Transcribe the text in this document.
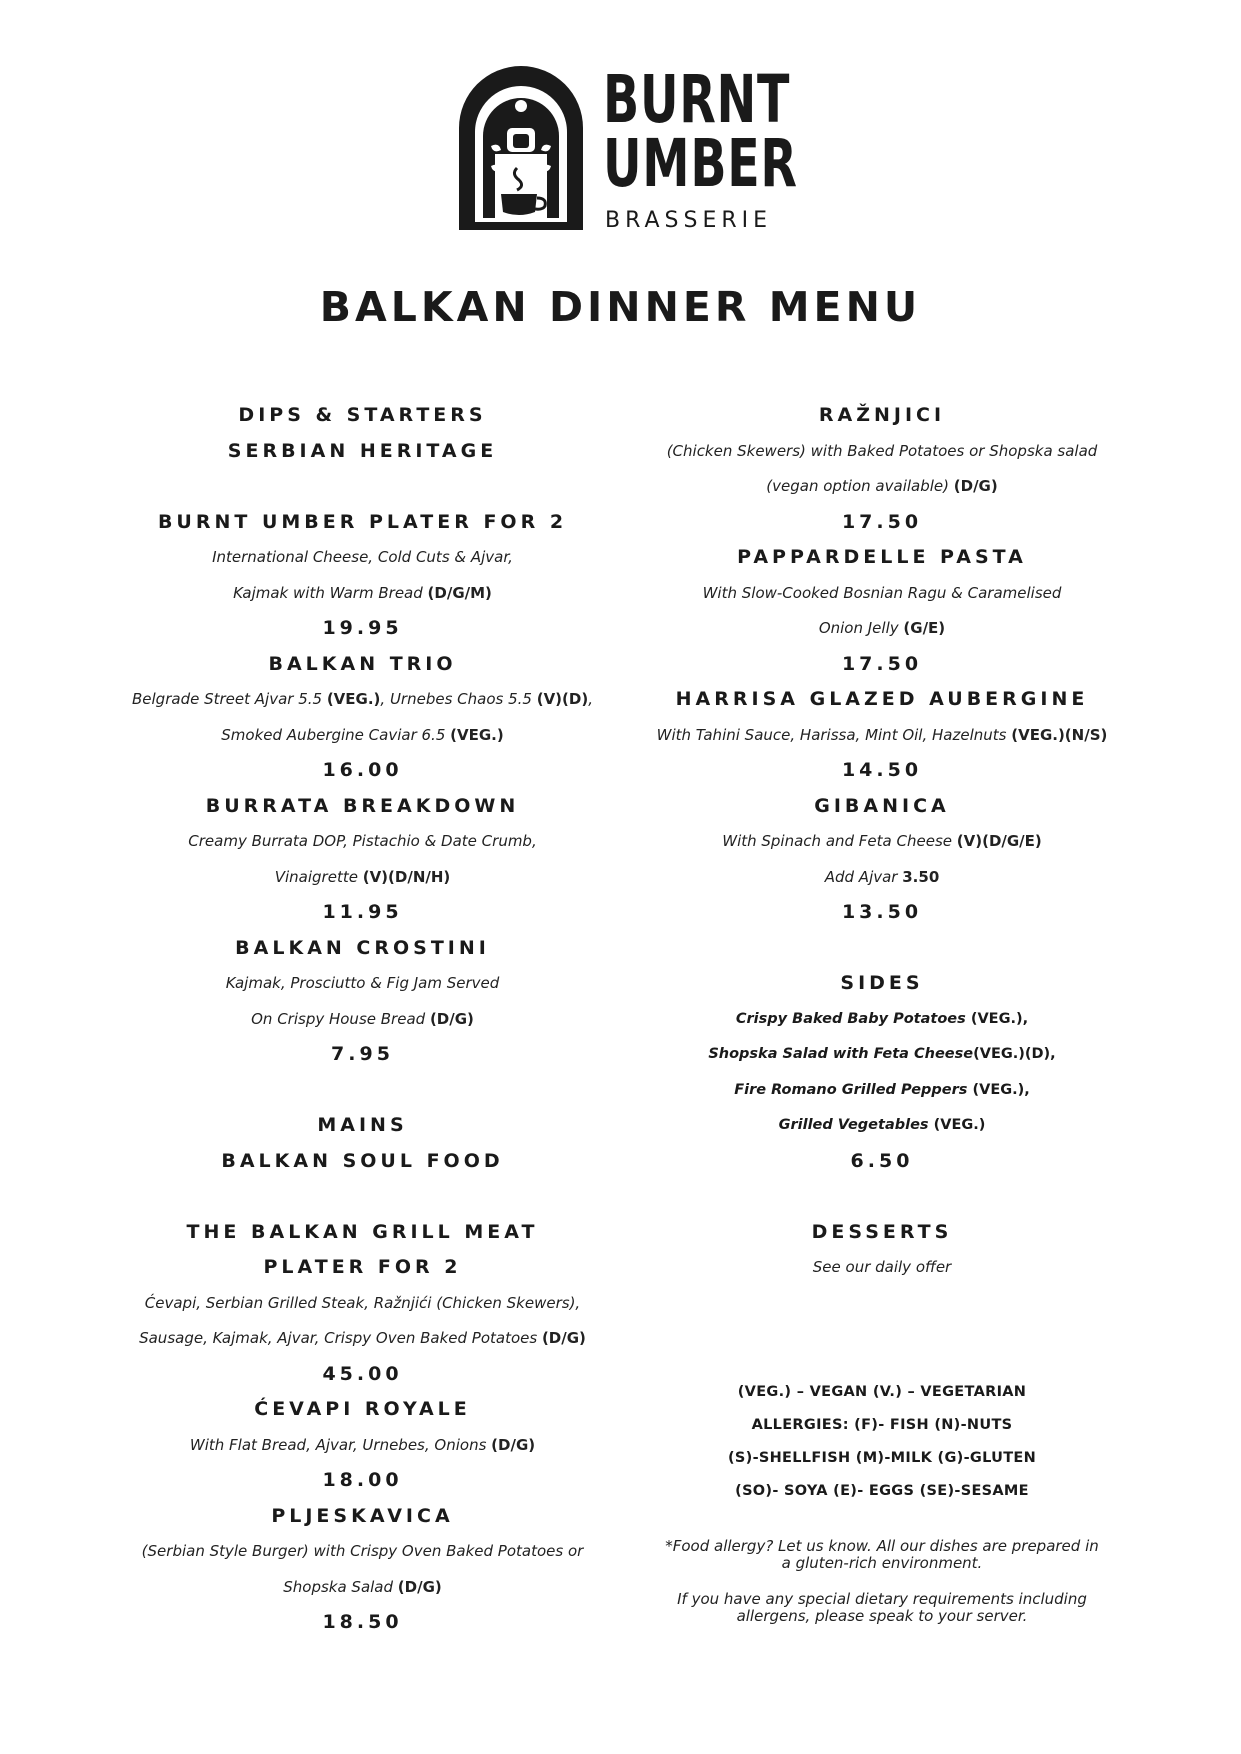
BURNT
UMBER
BRASSERIE
BALKAN DINNER MENU
DIPS & STARTERS
SERBIAN HERITAGE
BURNT UMBER PLATER FOR 2
International Cheese, Cold Cuts & Ajvar,
Kajmak with Warm Bread (D/G/M)
19.95
BALKAN TRIO
Belgrade Street Ajvar 5.5 (VEG.), Urnebes Chaos 5.5 (V)(D),
Smoked Aubergine Caviar 6.5 (VEG.)
16.00
BURRATA BREAKDOWN
Creamy Burrata DOP, Pistachio & Date Crumb,
Vinaigrette (V)(D/N/H)
11.95
BALKAN CROSTINI
Kajmak, Prosciutto & Fig Jam Served
On Crispy House Bread (D/G)
7.95
MAINS
BALKAN SOUL FOOD
THE BALKAN GRILL MEAT
PLATER FOR 2
Ćevapi, Serbian Grilled Steak, Ražnjići (Chicken Skewers),
Sausage, Kajmak, Ajvar, Crispy Oven Baked Potatoes (D/G)
45.00
ĆEVAPI ROYALE
With Flat Bread, Ajvar, Urnebes, Onions (D/G)
18.00
PLJESKAVICA
(Serbian Style Burger) with Crispy Oven Baked Potatoes or
Shopska Salad (D/G)
18.50
RAŽNJICI
(Chicken Skewers) with Baked Potatoes or Shopska salad
(vegan option available) (D/G)
17.50
PAPPARDELLE PASTA
With Slow-Cooked Bosnian Ragu & Caramelised
Onion Jelly (G/E)
17.50
HARRISA GLAZED AUBERGINE
With Tahini Sauce, Harissa, Mint Oil, Hazelnuts (VEG.)(N/S)
14.50
GIBANICA
With Spinach and Feta Cheese (V)(D/G/E)
Add Ajvar 3.50
13.50
SIDES
Crispy Baked Baby Potatoes (VEG.),
Shopska Salad with Feta Cheese(VEG.)(D),
Fire Romano Grilled Peppers (VEG.),
Grilled Vegetables (VEG.)
6.50
DESSERTS
See our daily offer
(VEG.) – VEGAN (V.) – VEGETARIAN
ALLERGIES: (F)- FISH (N)-NUTS
(S)-SHELLFISH (M)-MILK (G)-GLUTEN
(SO)- SOYA (E)- EGGS (SE)-SESAME
*Food allergy? Let us know. All our dishes are prepared in a gluten-rich environment.
If you have any special dietary requirements including allergens, please speak to your server.
